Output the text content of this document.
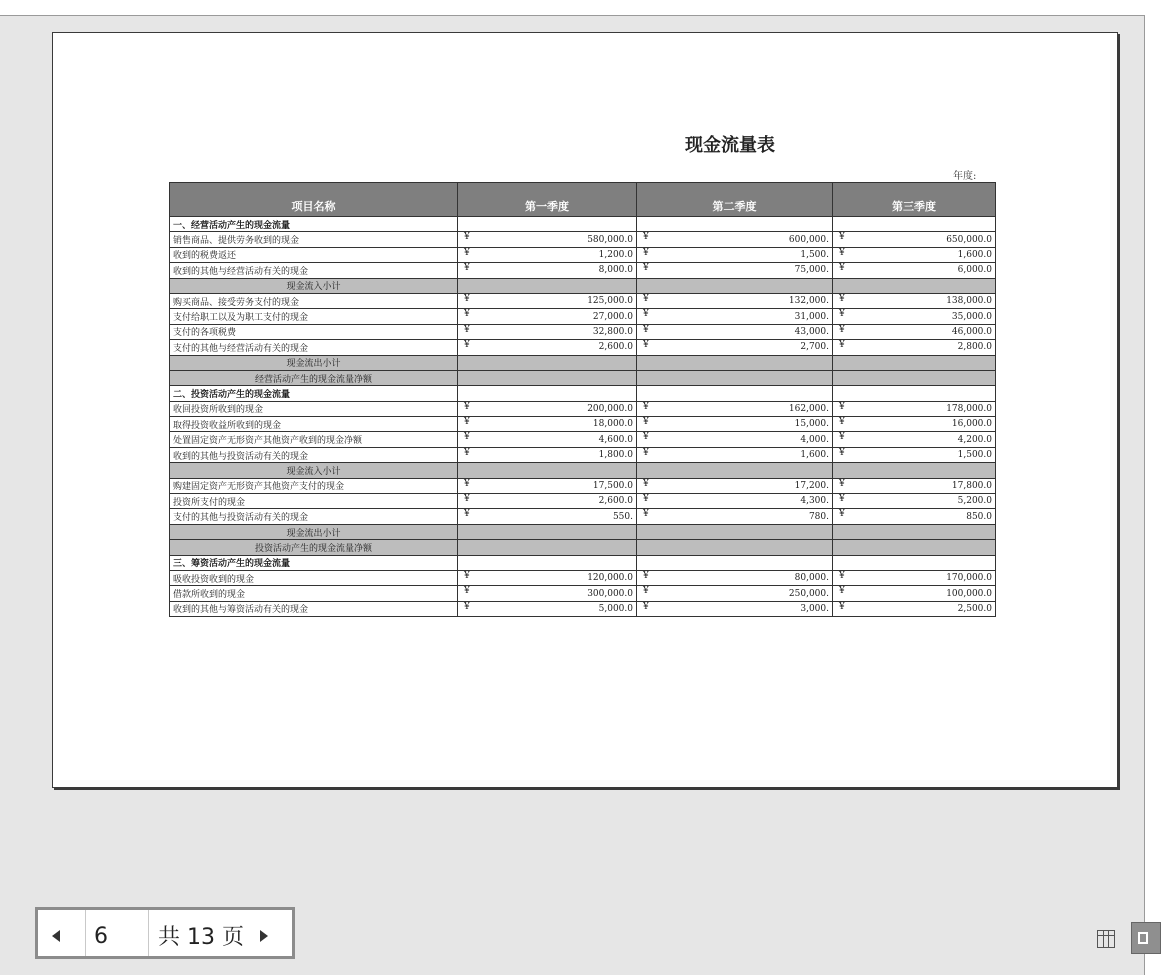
现金流量表
年度:
项目名称	第一季度	第二季度	第三季度
一、经营活动产生的现金流量			
销售商品、提供劳务收到的现金	¥ 580,000.0	¥ 600,000.	¥ 650,000.0
收到的税费返还	¥ 1,200.0	¥ 1,500.	¥ 1,600.0
收到的其他与经营活动有关的现金	¥ 8,000.0	¥ 75,000.	¥ 6,000.0
现金流入小计			
购买商品、接受劳务支付的现金	¥ 125,000.0	¥ 132,000.	¥ 138,000.0
支付给职工以及为职工支付的现金	¥ 27,000.0	¥ 31,000.	¥ 35,000.0
支付的各项税费	¥ 32,800.0	¥ 43,000.	¥ 46,000.0
支付的其他与经营活动有关的现金	¥ 2,600.0	¥ 2,700.	¥ 2,800.0
现金流出小计			
经营活动产生的现金流量净额			
二、投资活动产生的现金流量			
收回投资所收到的现金	¥ 200,000.0	¥ 162,000.	¥ 178,000.0
取得投资收益所收到的现金	¥ 18,000.0	¥ 15,000.	¥ 16,000.0
处置固定资产无形资产其他资产收到的现金净额	¥ 4,600.0	¥ 4,000.	¥ 4,200.0
收到的其他与投资活动有关的现金	¥ 1,800.0	¥ 1,600.	¥ 1,500.0
现金流入小计			
购建固定资产无形资产其他资产支付的现金	¥ 17,500.0	¥ 17,200.	¥ 17,800.0
投资所支付的现金	¥ 2,600.0	¥ 4,300.	¥ 5,200.0
支付的其他与投资活动有关的现金	¥ 550.	¥ 780.	¥ 850.0
现金流出小计			
投资活动产生的现金流量净额			
三、筹资活动产生的现金流量			
吸收投资收到的现金	¥ 120,000.0	¥ 80,000.	¥ 170,000.0
借款所收到的现金	¥ 300,000.0	¥ 250,000.	¥ 100,000.0
收到的其他与筹资活动有关的现金	¥ 5,000.0	¥ 3,000.	¥ 2,500.0
6
共 13 页
